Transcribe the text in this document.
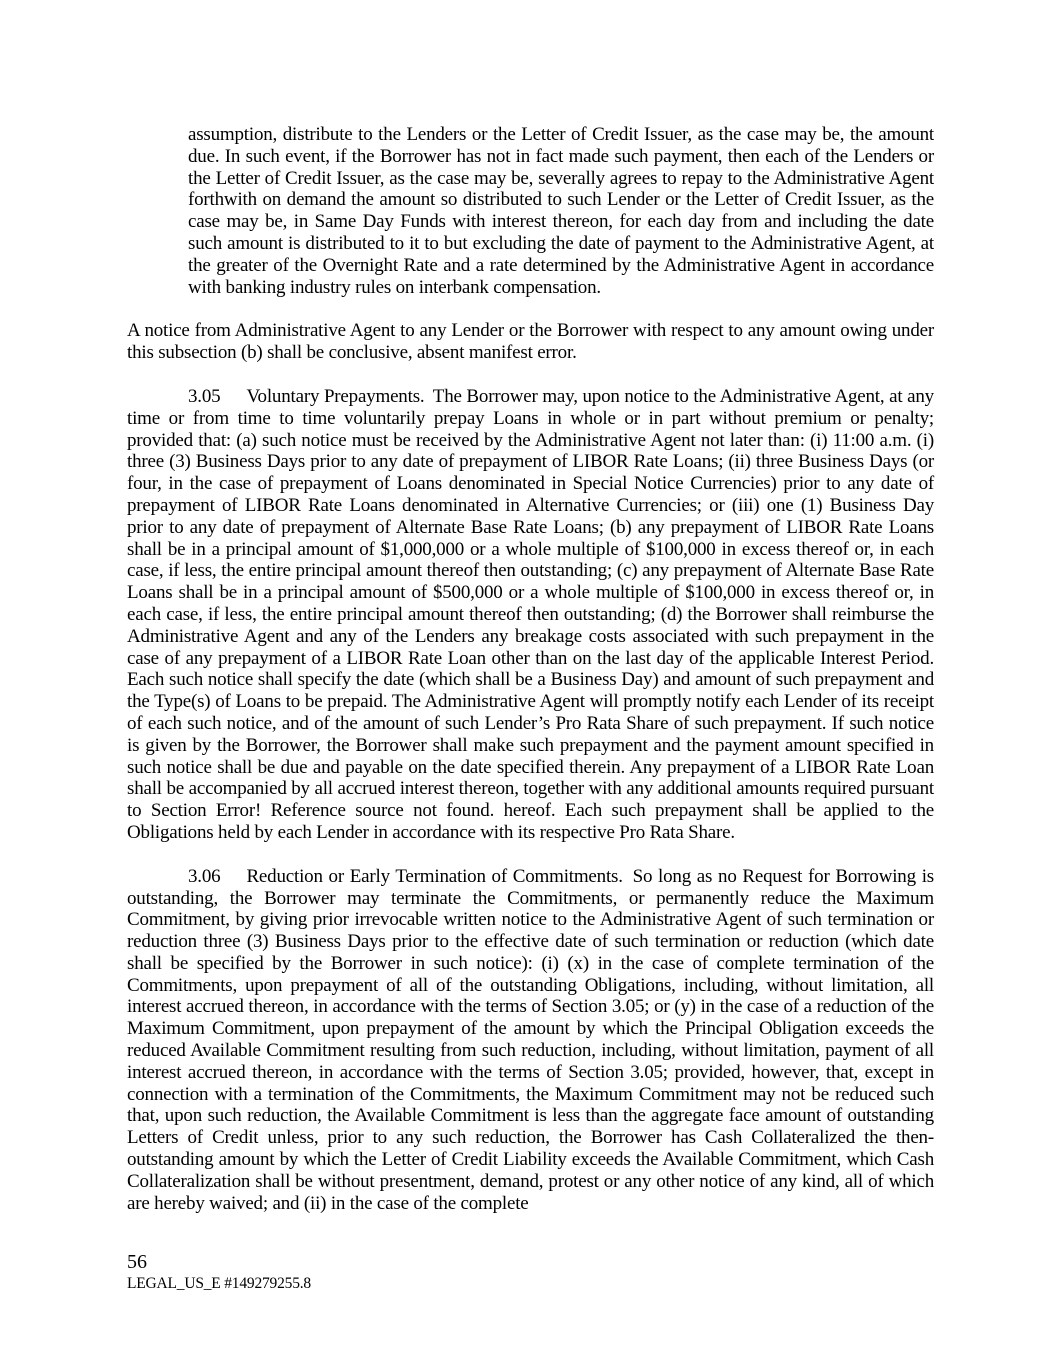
assumption, distribute to the Lenders or the Letter of Credit Issuer, as the case may be, the amount due. In such event, if the Borrower has not in fact made such payment, then each of the Lenders or the Letter of Credit Issuer, as the case may be, severally agrees to repay to the Administrative Agent forthwith on demand the amount so distributed to such Lender or the Letter of Credit Issuer, as the case may be, in Same Day Funds with interest thereon, for each day from and including the date such amount is distributed to it to but excluding the date of payment to the Administrative Agent, at the greater of the Overnight Rate and a rate determined by the Administrative Agent in accordance with banking industry rules on interbank compensation.

A notice from Administrative Agent to any Lender or the Borrower with respect to any amount owing under this subsection (b) shall be conclusive, absent manifest error.

3.05 Voluntary Prepayments. The Borrower may, upon notice to the Administrative Agent, at any time or from time to time voluntarily prepay Loans in whole or in part without premium or penalty; provided that: (a) such notice must be received by the Administrative Agent not later than: (i) 11:00 a.m. (i) three (3) Business Days prior to any date of prepayment of LIBOR Rate Loans; (ii) three Business Days (or four, in the case of prepayment of Loans denominated in Special Notice Currencies) prior to any date of prepayment of LIBOR Rate Loans denominated in Alternative Currencies; or (iii) one (1) Business Day prior to any date of prepayment of Alternate Base Rate Loans; (b) any prepayment of LIBOR Rate Loans shall be in a principal amount of $1,000,000 or a whole multiple of $100,000 in excess thereof or, in each case, if less, the entire principal amount thereof then outstanding; (c) any prepayment of Alternate Base Rate Loans shall be in a principal amount of $500,000 or a whole multiple of $100,000 in excess thereof or, in each case, if less, the entire principal amount thereof then outstanding; (d) the Borrower shall reimburse the Administrative Agent and any of the Lenders any breakage costs associated with such prepayment in the case of any prepayment of a LIBOR Rate Loan other than on the last day of the applicable Interest Period. Each such notice shall specify the date (which shall be a Business Day) and amount of such prepayment and the Type(s) of Loans to be prepaid. The Administrative Agent will promptly notify each Lender of its receipt of each such notice, and of the amount of such Lender’s Pro Rata Share of such prepayment. If such notice is given by the Borrower, the Borrower shall make such prepayment and the payment amount specified in such notice shall be due and payable on the date specified therein. Any prepayment of a LIBOR Rate Loan shall be accompanied by all accrued interest thereon, together with any additional amounts required pursuant to Section Error! Reference source not found. hereof. Each such prepayment shall be applied to the Obligations held by each Lender in accordance with its respective Pro Rata Share.

3.06 Reduction or Early Termination of Commitments. So long as no Request for Borrowing is outstanding, the Borrower may terminate the Commitments, or permanently reduce the Maximum Commitment, by giving prior irrevocable written notice to the Administrative Agent of such termination or reduction three (3) Business Days prior to the effective date of such termination or reduction (which date shall be specified by the Borrower in such notice): (i) (x) in the case of complete termination of the Commitments, upon prepayment of all of the outstanding Obligations, including, without limitation, all interest accrued thereon, in accordance with the terms of Section 3.05; or (y) in the case of a reduction of the Maximum Commitment, upon prepayment of the amount by which the Principal Obligation exceeds the reduced Available Commitment resulting from such reduction, including, without limitation, payment of all interest accrued thereon, in accordance with the terms of Section 3.05; provided, however, that, except in connection with a termination of the Commitments, the Maximum Commitment may not be reduced such that, upon such reduction, the Available Commitment is less than the aggregate face amount of outstanding Letters of Credit unless, prior to any such reduction, the Borrower has Cash Collateralized the then-outstanding amount by which the Letter of Credit Liability exceeds the Available Commitment, which Cash Collateralization shall be without presentment, demand, protest or any other notice of any kind, all of which are hereby waived; and (ii) in the case of the complete

56
LEGAL_US_E #149279255.8
